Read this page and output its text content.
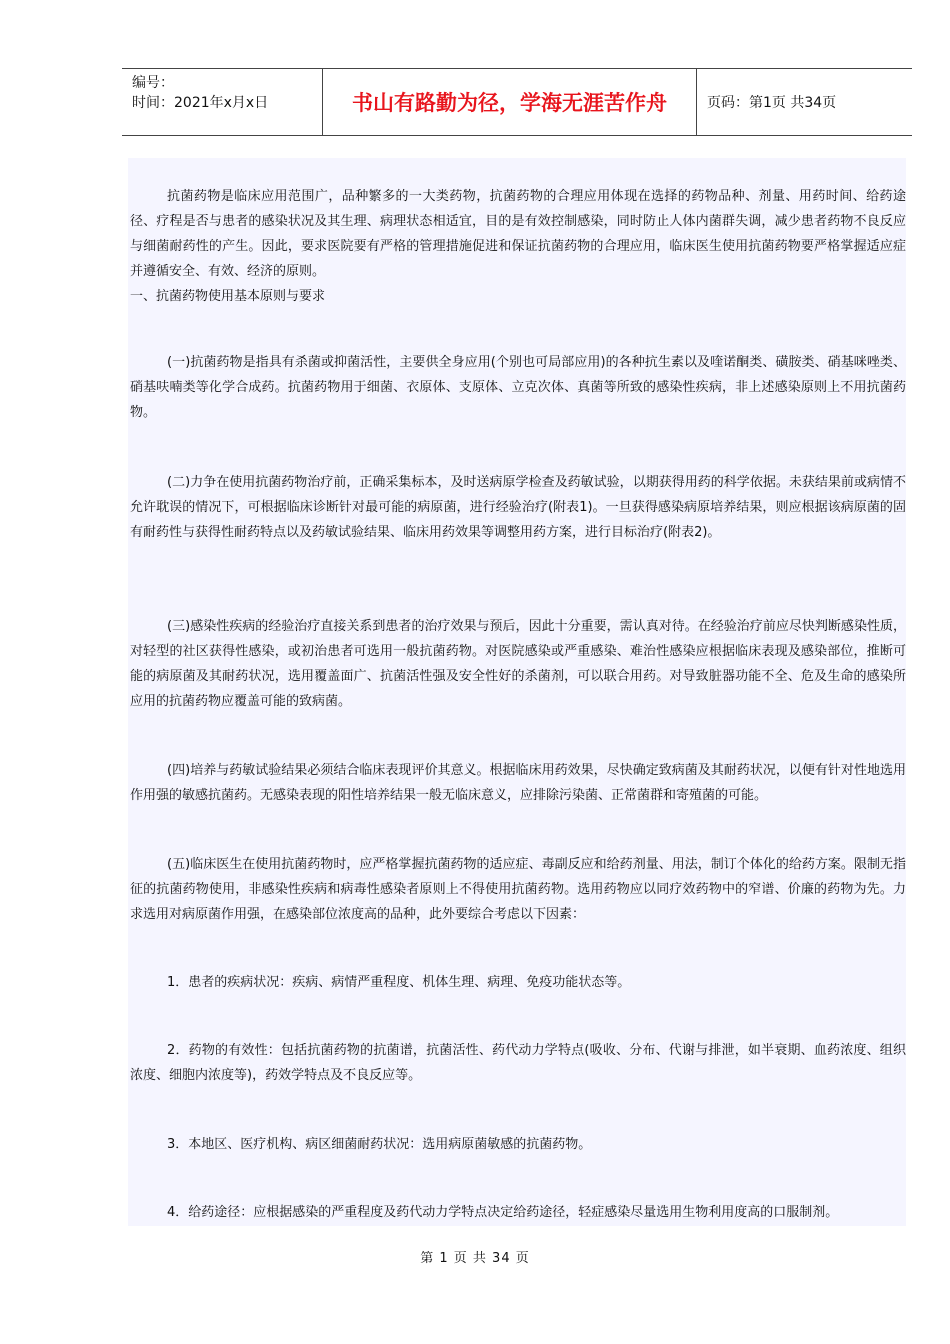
编号：
时间：2021年x月x日	书山有路勤为径，学海无涯苦作舟	页码：第1页 共34页

抗菌药物是临床应用范围广，品种繁多的一大类药物，抗菌药物的合理应用体现在选择的药物品种、剂量、用药时间、给药途径、疗程是否与患者的感染状况及其生理、病理状态相适宜，目的是有效控制感染，同时防止人体内菌群失调，减少患者药物不良反应与细菌耐药性的产生。因此，要求医院要有严格的管理措施促进和保证抗菌药物的合理应用，临床医生使用抗菌药物要严格掌握适应症并遵循安全、有效、经济的原则。

一、抗菌药物使用基本原则与要求

(一)抗菌药物是指具有杀菌或抑菌活性，主要供全身应用(个别也可局部应用)的各种抗生素以及喹诺酮类、磺胺类、硝基咪唑类、硝基呋喃类等化学合成药。抗菌药物用于细菌、衣原体、支原体、立克次体、真菌等所致的感染性疾病，非上述感染原则上不用抗菌药物。

(二)力争在使用抗菌药物治疗前，正确采集标本，及时送病原学检查及药敏试验，以期获得用药的科学依据。未获结果前或病情不允许耽误的情况下，可根据临床诊断针对最可能的病原菌，进行经验治疗(附表1)。一旦获得感染病原培养结果，则应根据该病原菌的固有耐药性与获得性耐药特点以及药敏试验结果、临床用药效果等调整用药方案，进行目标治疗(附表2)。

(三)感染性疾病的经验治疗直接关系到患者的治疗效果与预后，因此十分重要，需认真对待。在经验治疗前应尽快判断感染性质，对轻型的社区获得性感染，或初治患者可选用一般抗菌药物。对医院感染或严重感染、难治性感染应根据临床表现及感染部位，推断可能的病原菌及其耐药状况，选用覆盖面广、抗菌活性强及安全性好的杀菌剂，可以联合用药。对导致脏器功能不全、危及生命的感染所应用的抗菌药物应覆盖可能的致病菌。

(四)培养与药敏试验结果必须结合临床表现评价其意义。根据临床用药效果，尽快确定致病菌及其耐药状况，以便有针对性地选用作用强的敏感抗菌药。无感染表现的阳性培养结果一般无临床意义，应排除污染菌、正常菌群和寄殖菌的可能。

(五)临床医生在使用抗菌药物时，应严格掌握抗菌药物的适应症、毒副反应和给药剂量、用法，制订个体化的给药方案。限制无指征的抗菌药物使用，非感染性疾病和病毒性感染者原则上不得使用抗菌药物。选用药物应以同疗效药物中的窄谱、价廉的药物为先。力求选用对病原菌作用强，在感染部位浓度高的品种，此外要综合考虑以下因素：

1．患者的疾病状况：疾病、病情严重程度、机体生理、病理、免疫功能状态等。

2．药物的有效性：包括抗菌药物的抗菌谱，抗菌活性、药代动力学特点(吸收、分布、代谢与排泄，如半衰期、血药浓度、组织浓度、细胞内浓度等)，药效学特点及不良反应等。

3．本地区、医疗机构、病区细菌耐药状况：选用病原菌敏感的抗菌药物。

4．给药途径：应根据感染的严重程度及药代动力学特点决定给药途径，轻症感染尽量选用生物利用度高的口服制剂。

第 1 页 共 34 页
